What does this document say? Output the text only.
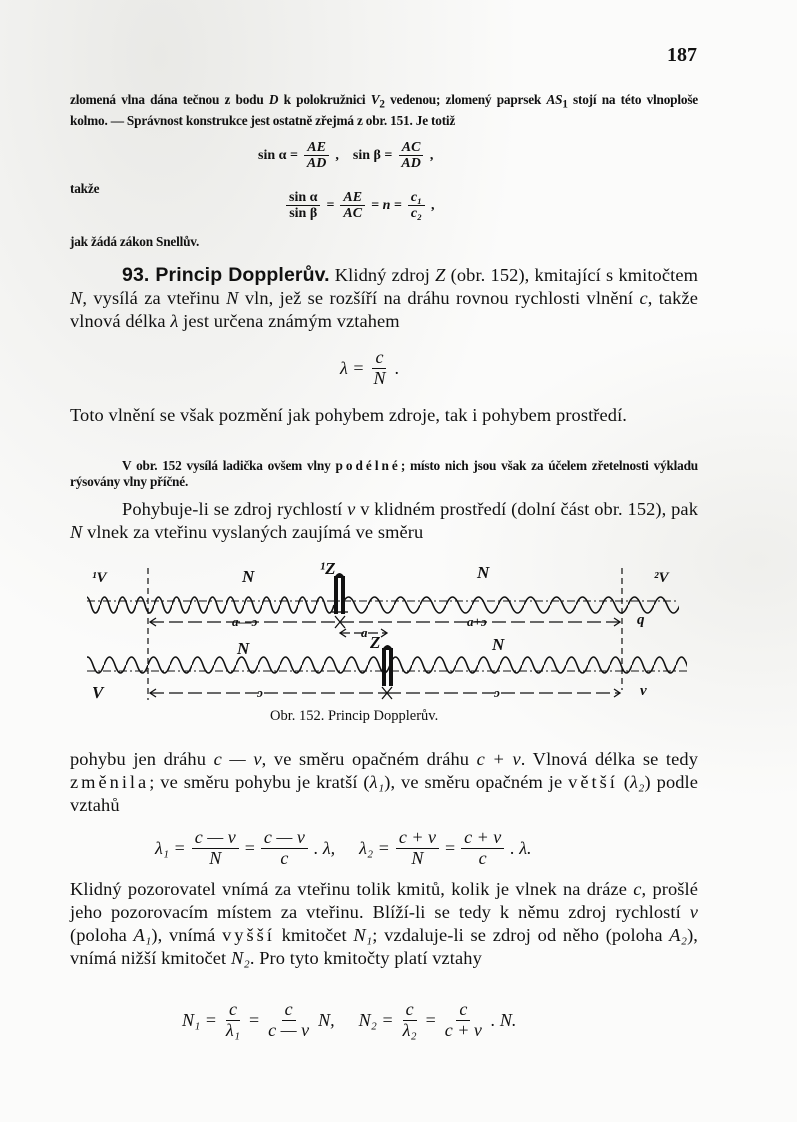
187
zlomená vlna dána tečnou z bodu D k polokružnici $V_2$ vedenou; zlomený paprsek $AS_1$ stojí na této vlnoploše kolmo. — Správnost konstrukce jest ostatně zřejmá z obr. 151. Je totiž
$\sin \alpha = \frac{AE}{AD}$ , $\sin \beta = \frac{AC}{AD}$ ,
takže
$\frac{\text{sin α}}{\text{sin β}} = \frac{AE}{AC} = n = \frac{\text{c₁}}{\text{c₂}}$ ,
jak žádá zákon Snellův.
93. Princip Dopplerův. Klidný zdroj Z (obr. 152), kmitající s kmitočtem N, vysílá za vteřinu N vln, jež se rozšíří na dráhu rovnou rychlosti vlnění c, takže vlnová délka λ jest určena známým vztahem
$\lambda = \frac{c}{N}$ .
Toto vlnění se však pozmění jak pohybem zdroje, tak i pohybem prostředí.
V obr. 152 vysílá ladička ovšem vlny podélné; místo nich jsou však za účelem zřetelnosti výkladu rýsovány vlny příčné.
Pohybuje-li se zdroj rychlostí v v klidném prostředí (dolní část obr. 152), pak N vlnek za vteřinu vyslaných zaujímá ve směru
¹V	N	¹Z	N	²V
a—ɔ	a+ɔ
a
q
N	Z	N
V	ɔ	ɔ	v
Obr. 152. Princip Dopplerův.
pohybu jen dráhu c — v, ve směru opačném dráhu c + v. Vlnová délka se tedy změnila; ve směru pohybu je kratší (λ₁), ve směru opačném je větší (λ₂) podle vztahů
$\lambda_1 = \frac{c — v}{N} = \frac{c — v}{c}$ . λ, $\lambda_2 = \frac{c + v}{N} = \frac{c + v}{c}$ . λ.
Klidný pozorovatel vnímá za vteřinu tolik kmitů, kolik je vlnek na dráze c, prošlé jeho pozorovacím místem za vteřinu. Blíží-li se tedy k němu zdroj rychlostí v (poloha A₁), vnímá vyšší kmitočet N₁; vzdaluje-li se zdroj od něho (poloha A₂), vnímá nižší kmitočet N₂. Pro tyto kmitočty platí vztahy
$N_1 = \frac{c}{\text{λ₁}} = \frac{c}{c — v} N$, $N_2 = \frac{c}{\text{λ₂}} = \frac{c}{c + v}$ . N.
